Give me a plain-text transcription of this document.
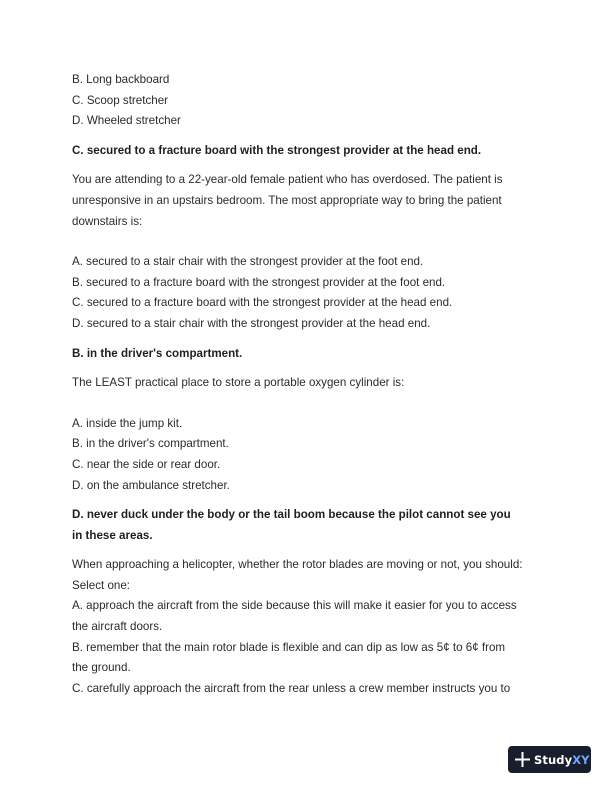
B. Long backboard
C. Scoop stretcher
D. Wheeled stretcher
C. secured to a fracture board with the strongest provider at the head end.
You are attending to a 22-year-old female patient who has overdosed. The patient is unresponsive in an upstairs bedroom. The most appropriate way to bring the patient downstairs is:
A. secured to a stair chair with the strongest provider at the foot end.
B. secured to a fracture board with the strongest provider at the foot end.
C. secured to a fracture board with the strongest provider at the head end.
D. secured to a stair chair with the strongest provider at the head end.
B. in the driver's compartment.
The LEAST practical place to store a portable oxygen cylinder is:
A. inside the jump kit.
B. in the driver's compartment.
C. near the side or rear door.
D. on the ambulance stretcher.
D. never duck under the body or the tail boom because the pilot cannot see you
in these areas.
When approaching a helicopter, whether the rotor blades are moving or not, you should:
Select one:
A. approach the aircraft from the side because this will make it easier for you to access
the aircraft doors.
B. remember that the main rotor blade is flexible and can dip as low as 5¢ to 6¢ from
the ground.
C. carefully approach the aircraft from the rear unless a crew member instructs you to
StudyXY
